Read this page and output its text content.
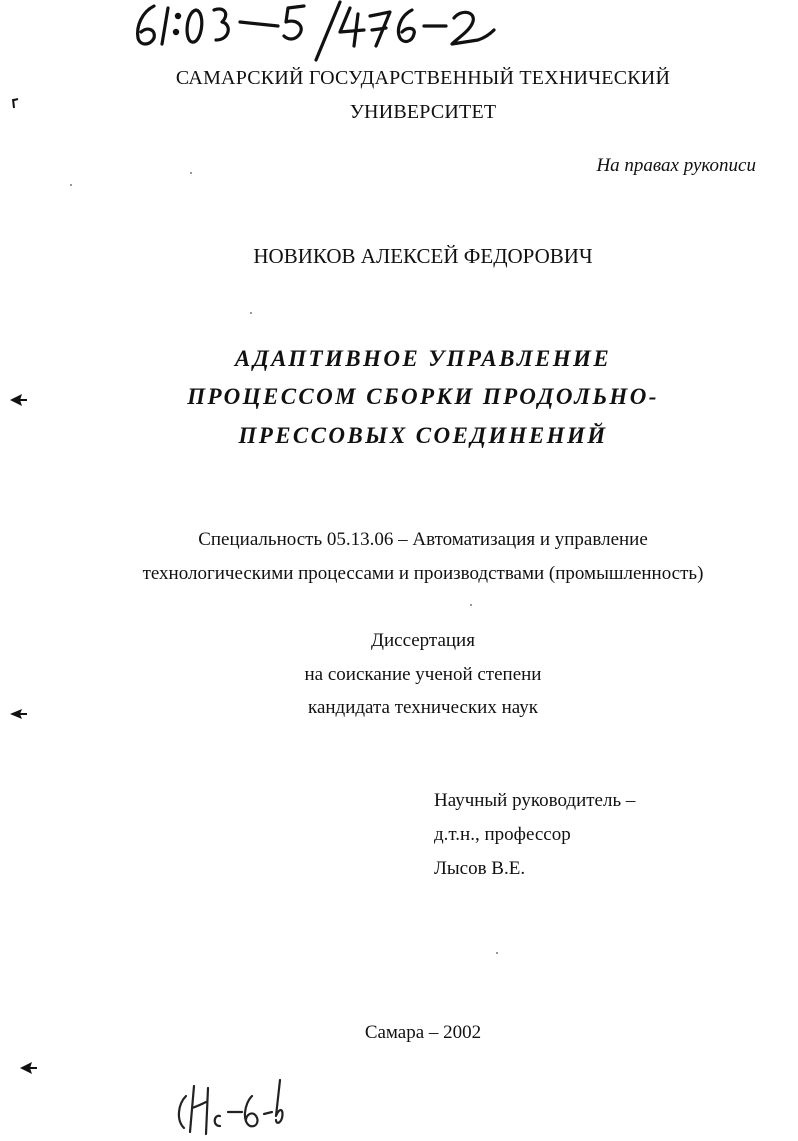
САМАРСКИЙ ГОСУДАРСТВЕННЫЙ ТЕХНИЧЕСКИЙ
УНИВЕРСИТЕТ
На правах рукописи
НОВИКОВ АЛЕКСЕЙ ФЕДОРОВИЧ
АДАПТИВНОЕ УПРАВЛЕНИЕ
ПРОЦЕССОМ СБОРКИ ПРОДОЛЬНО-
ПРЕССОВЫХ СОЕДИНЕНИЙ
Специальность 05.13.06 – Автоматизация и управление
технологическими процессами и производствами (промышленность)
Диссертация
на соискание ученой степени
кандидата технических наук
Научный руководитель –
д.т.н., профессор
Лысов В.Е.
Самара – 2002
